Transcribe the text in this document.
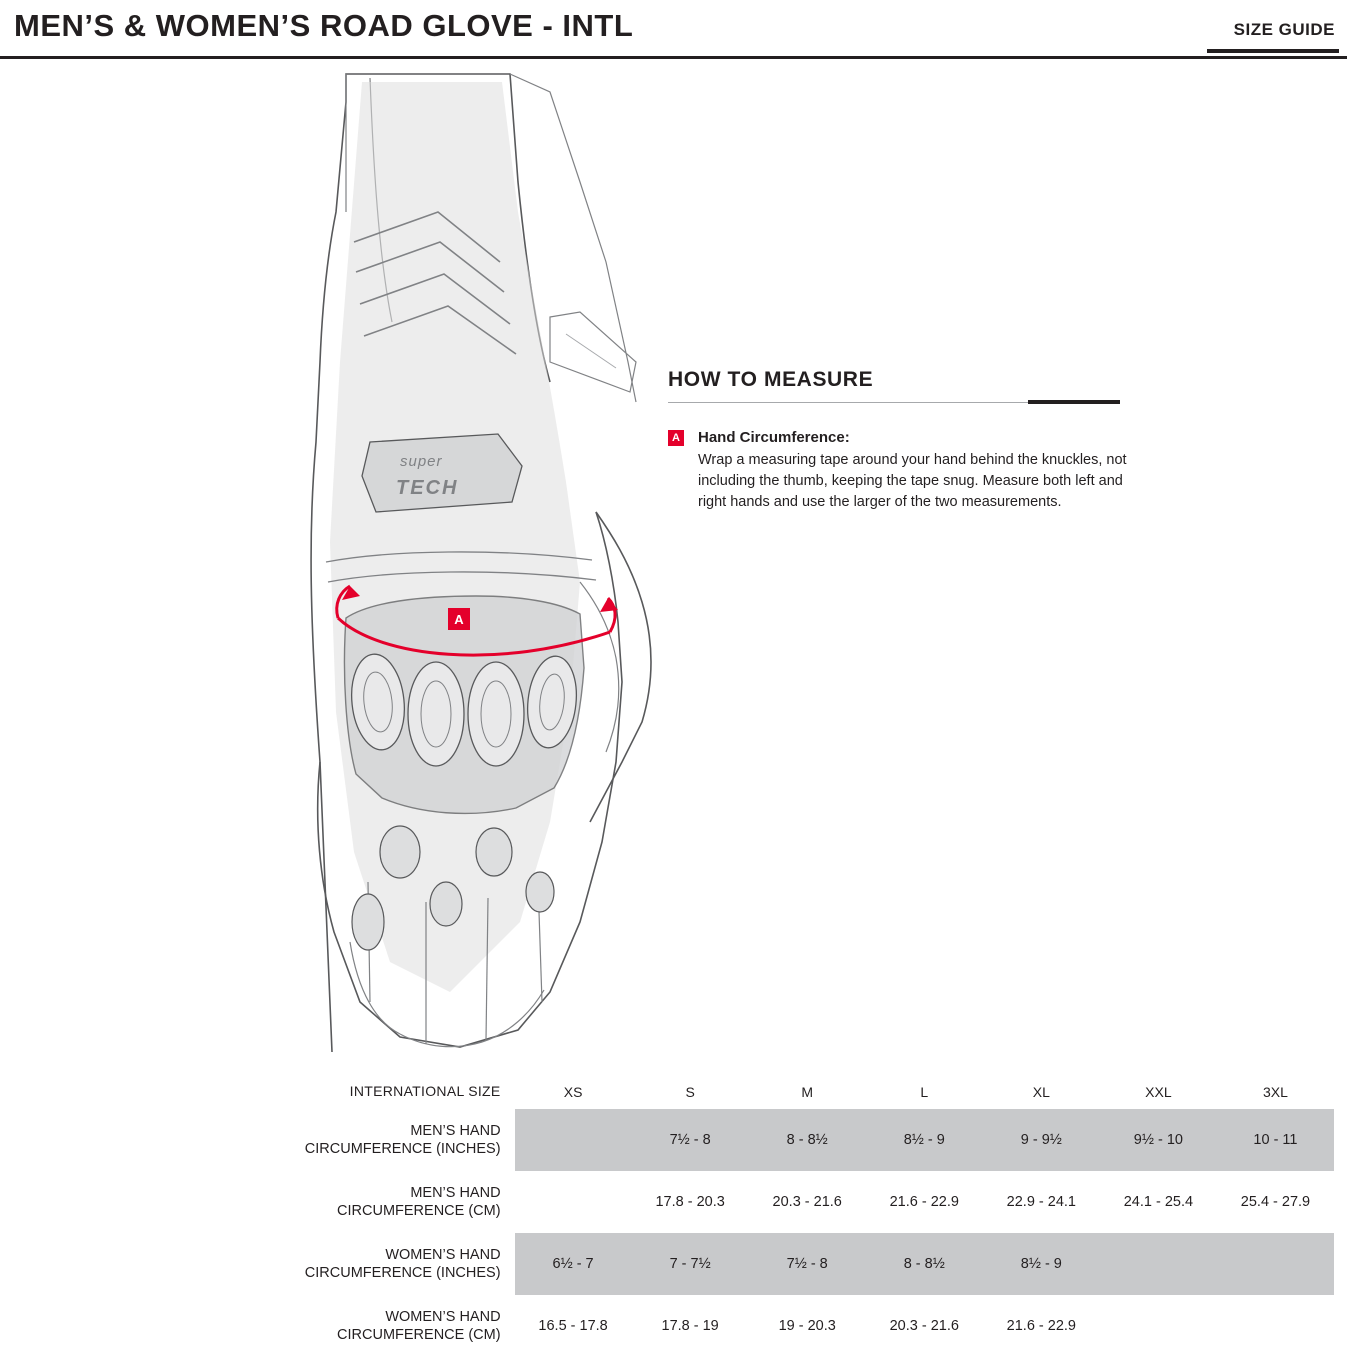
MEN’S & WOMEN’S ROAD GLOVE - INTL	SIZE GUIDE
super
TECH
A
HOW TO MEASURE
A Hand Circumference:
Wrap a measuring tape around your hand behind the knuckles, not including the thumb, keeping the tape snug. Measure both left and right hands and use the larger of the two measurements.
INTERNATIONAL SIZE	XS	S	M	L	XL	XXL	3XL
MEN’S HAND
CIRCUMFERENCE (INCHES)		7½ - 8	8 - 8½	8½ - 9	9 - 9½	9½ - 10	10 - 11
MEN’S HAND
CIRCUMFERENCE (CM)		17.8 - 20.3	20.3 - 21.6	21.6 - 22.9	22.9 - 24.1	24.1 - 25.4	25.4 - 27.9
WOMEN’S HAND
CIRCUMFERENCE (INCHES)	6½ - 7	7 - 7½	7½ - 8	8 - 8½	8½ - 9		
WOMEN’S HAND
CIRCUMFERENCE (CM)	16.5 - 17.8	17.8 - 19	19 - 20.3	20.3 - 21.6	21.6 - 22.9		
